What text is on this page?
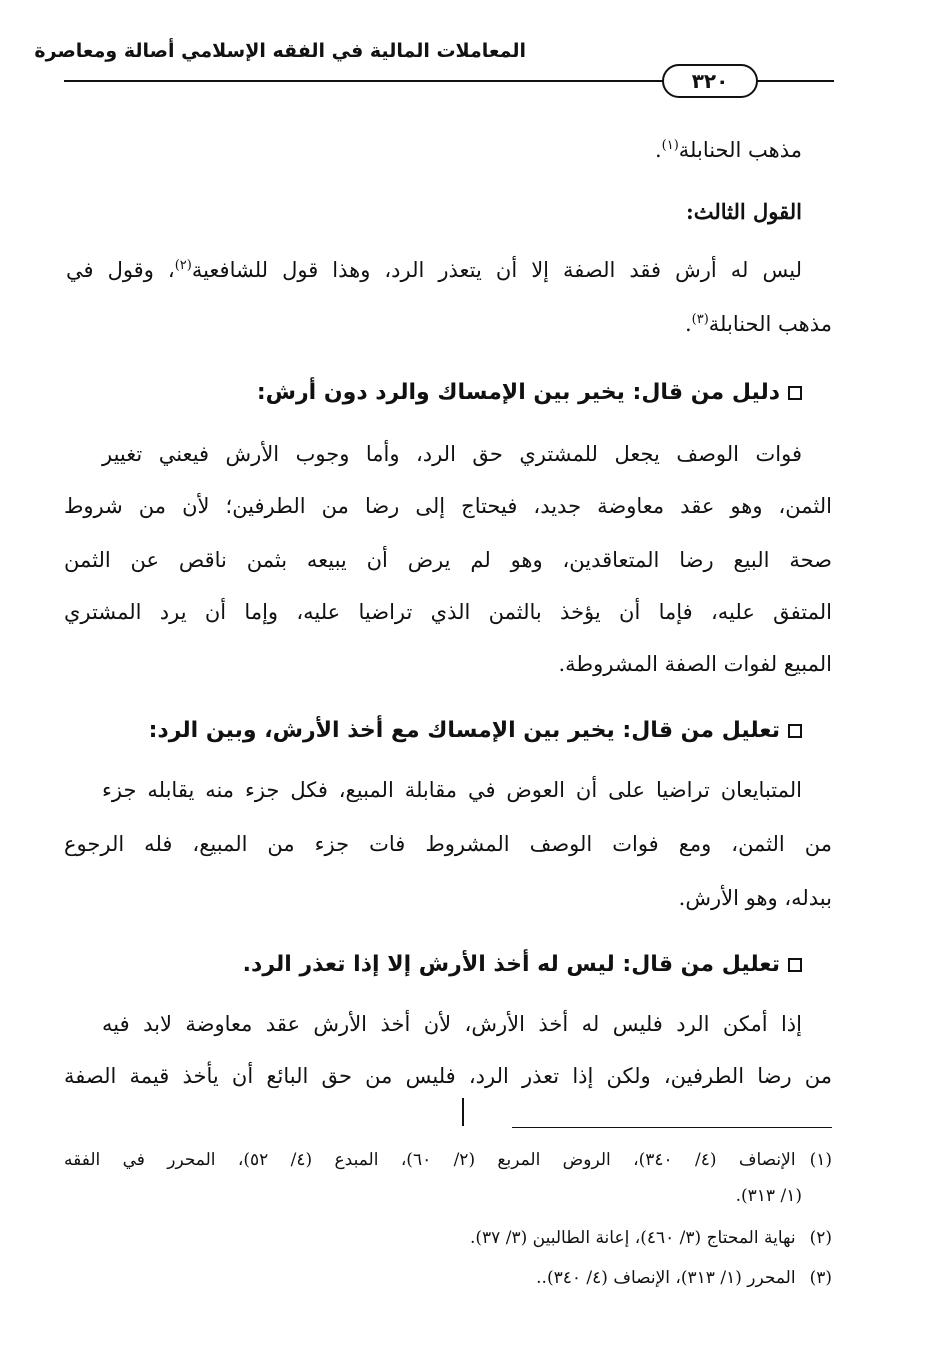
المعاملات المالية في الفقه الإسلامي أصالة ومعاصرة
٣٢٠
مذهب الحنابلة$^{(١)}$.
القول الثالث:
ليس له أرش فقد الصفة إلا أن يتعذر الرد، وهذا قول للشافعية$^{(٢)}$، وقول في
مذهب الحنابلة$^{(٣)}$.
دليل من قال: يخير بين الإمساك والرد دون أرش:
فوات الوصف يجعل للمشتري حق الرد، وأما وجوب الأرش فيعني تغيير
الثمن، وهو عقد معاوضة جديد، فيحتاج إلى رضا من الطرفين؛ لأن من شروط
صحة البيع رضا المتعاقدين، وهو لم يرض أن يبيعه بثمن ناقص عن الثمن
المتفق عليه، فإما أن يؤخذ بالثمن الذي تراضيا عليه، وإما أن يرد المشتري
المبيع لفوات الصفة المشروطة.
تعليل من قال: يخير بين الإمساك مع أخذ الأرش، وبين الرد:
المتبايعان تراضيا على أن العوض في مقابلة المبيع، فكل جزء منه يقابله جزء
من الثمن، ومع فوات الوصف المشروط فات جزء من المبيع، فله الرجوع
ببدله، وهو الأرش.
تعليل من قال: ليس له أخذ الأرش إلا إذا تعذر الرد.
إذا أمكن الرد فليس له أخذ الأرش، لأن أخذ الأرش عقد معاوضة لابد فيه
من رضا الطرفين، ولكن إذا تعذر الرد، فليس من حق البائع أن يأخذ قيمة الصفة
(١)الإنصاف (٤/ ٣٤٠)، الروض المربع (٢/ ٦٠)، المبدع (٤/ ٥٢)، المحرر في الفقه
(١/ ٣١٣).
(٢)نهاية المحتاج (٣/ ٤٦٠)، إعانة الطالبين (٣/ ٣٧).
(٣)المحرر (١/ ٣١٣)، الإنصاف (٤/ ٣٤٠)..
